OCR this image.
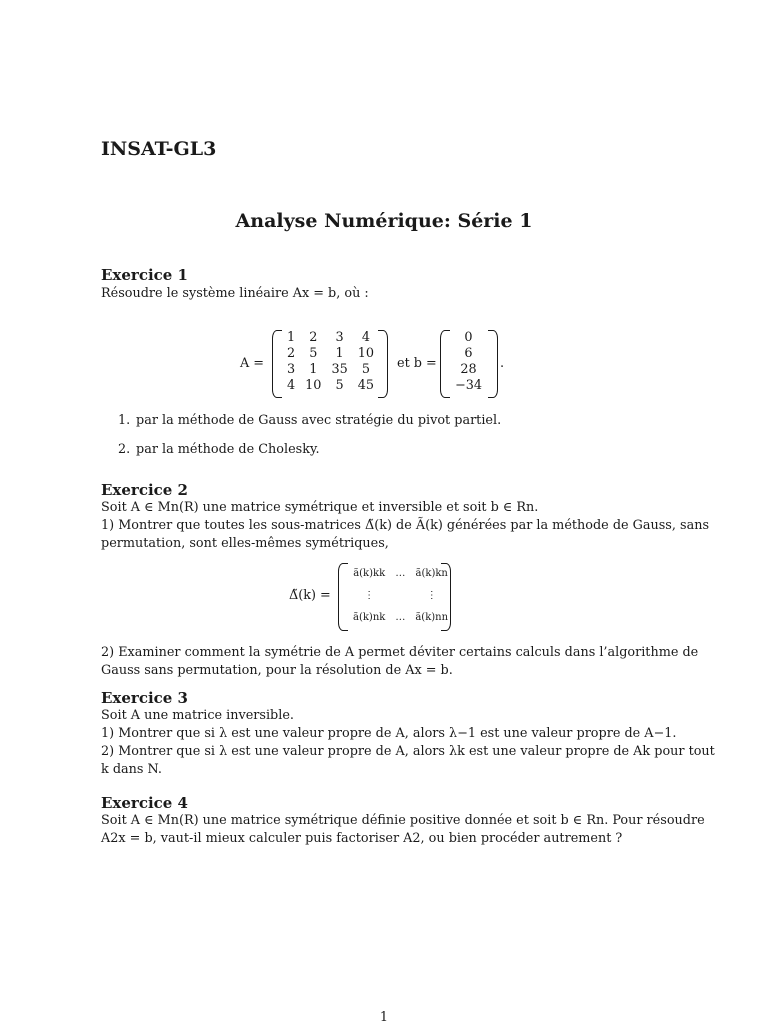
INSAT-GL3
Analyse Numérique: Série 1
Exercice 1
Résoudre le système linéaire Ax = b, où :
A =
1	2	3	4
2	5	1	10
3	1	35	5
4	10	5	45
et b =
0
6
28
−34
.
1. par la méthode de Gauss avec stratégie du pivot partiel.
2. par la méthode de Cholesky.
Exercice 2
Soit A ∈ Mn(R) une matrice symétrique et inversible et soit b ∈ Rn.
1) Montrer que toutes les sous-matrices Δ̃(k) de Ã(k) générées par la méthode de Gauss, sans
permutation, sont elles-mêmes symétriques,
Δ̃(k) =
ã(k)kk	…	ã(k)kn
⋮		⋮
ã(k)nk	…	ã(k)nn
2) Examiner comment la symétrie de A permet déviter certains calculs dans l’algorithme de
Gauss sans permutation, pour la résolution de Ax = b.
Exercice 3
Soit A une matrice inversible.
1) Montrer que si λ est une valeur propre de A, alors λ−1 est une valeur propre de A−1.
2) Montrer que si λ est une valeur propre de A, alors λk est une valeur propre de Ak pour tout
k dans N.
Exercice 4
Soit A ∈ Mn(R) une matrice symétrique définie positive donnée et soit b ∈ Rn. Pour résoudre
A2x = b, vaut-il mieux calculer puis factoriser A2, ou bien procéder autrement ?
1
